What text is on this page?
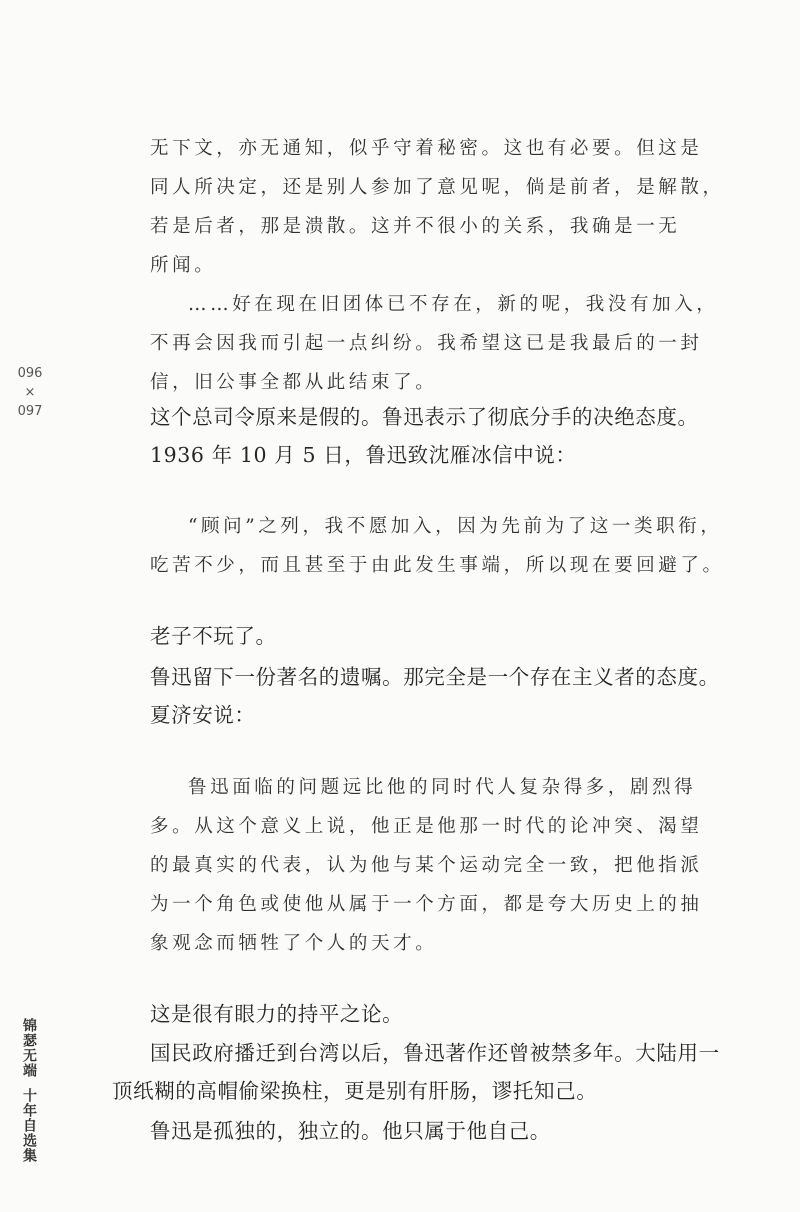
096
×
097
锦瑟无端
十年自选集
无下文，亦无通知，似乎守着秘密。这也有必要。但这是
同人所决定，还是别人参加了意见呢，倘是前者，是解散，
若是后者，那是溃散。这并不很小的关系，我确是一无
所闻。
……好在现在旧团体已不存在，新的呢，我没有加入，
不再会因我而引起一点纠纷。我希望这已是我最后的一封
信，旧公事全都从此结束了。
这个总司令原来是假的。鲁迅表示了彻底分手的决绝态度。
1936 年 10 月 5 日，鲁迅致沈雁冰信中说：
“顾问”之列，我不愿加入，因为先前为了这一类职衔，
吃苦不少，而且甚至于由此发生事端，所以现在要回避了。
老子不玩了。
鲁迅留下一份著名的遗嘱。那完全是一个存在主义者的态度。
夏济安说：
鲁迅面临的问题远比他的同时代人复杂得多，剧烈得
多。从这个意义上说，他正是他那一时代的论冲突、渴望
的最真实的代表，认为他与某个运动完全一致，把他指派
为一个角色或使他从属于一个方面，都是夸大历史上的抽
象观念而牺牲了个人的天才。
这是很有眼力的持平之论。
国民政府播迁到台湾以后，鲁迅著作还曾被禁多年。大陆用一
顶纸糊的高帽偷梁换柱，更是别有肝肠，谬托知己。
鲁迅是孤独的，独立的。他只属于他自己。
